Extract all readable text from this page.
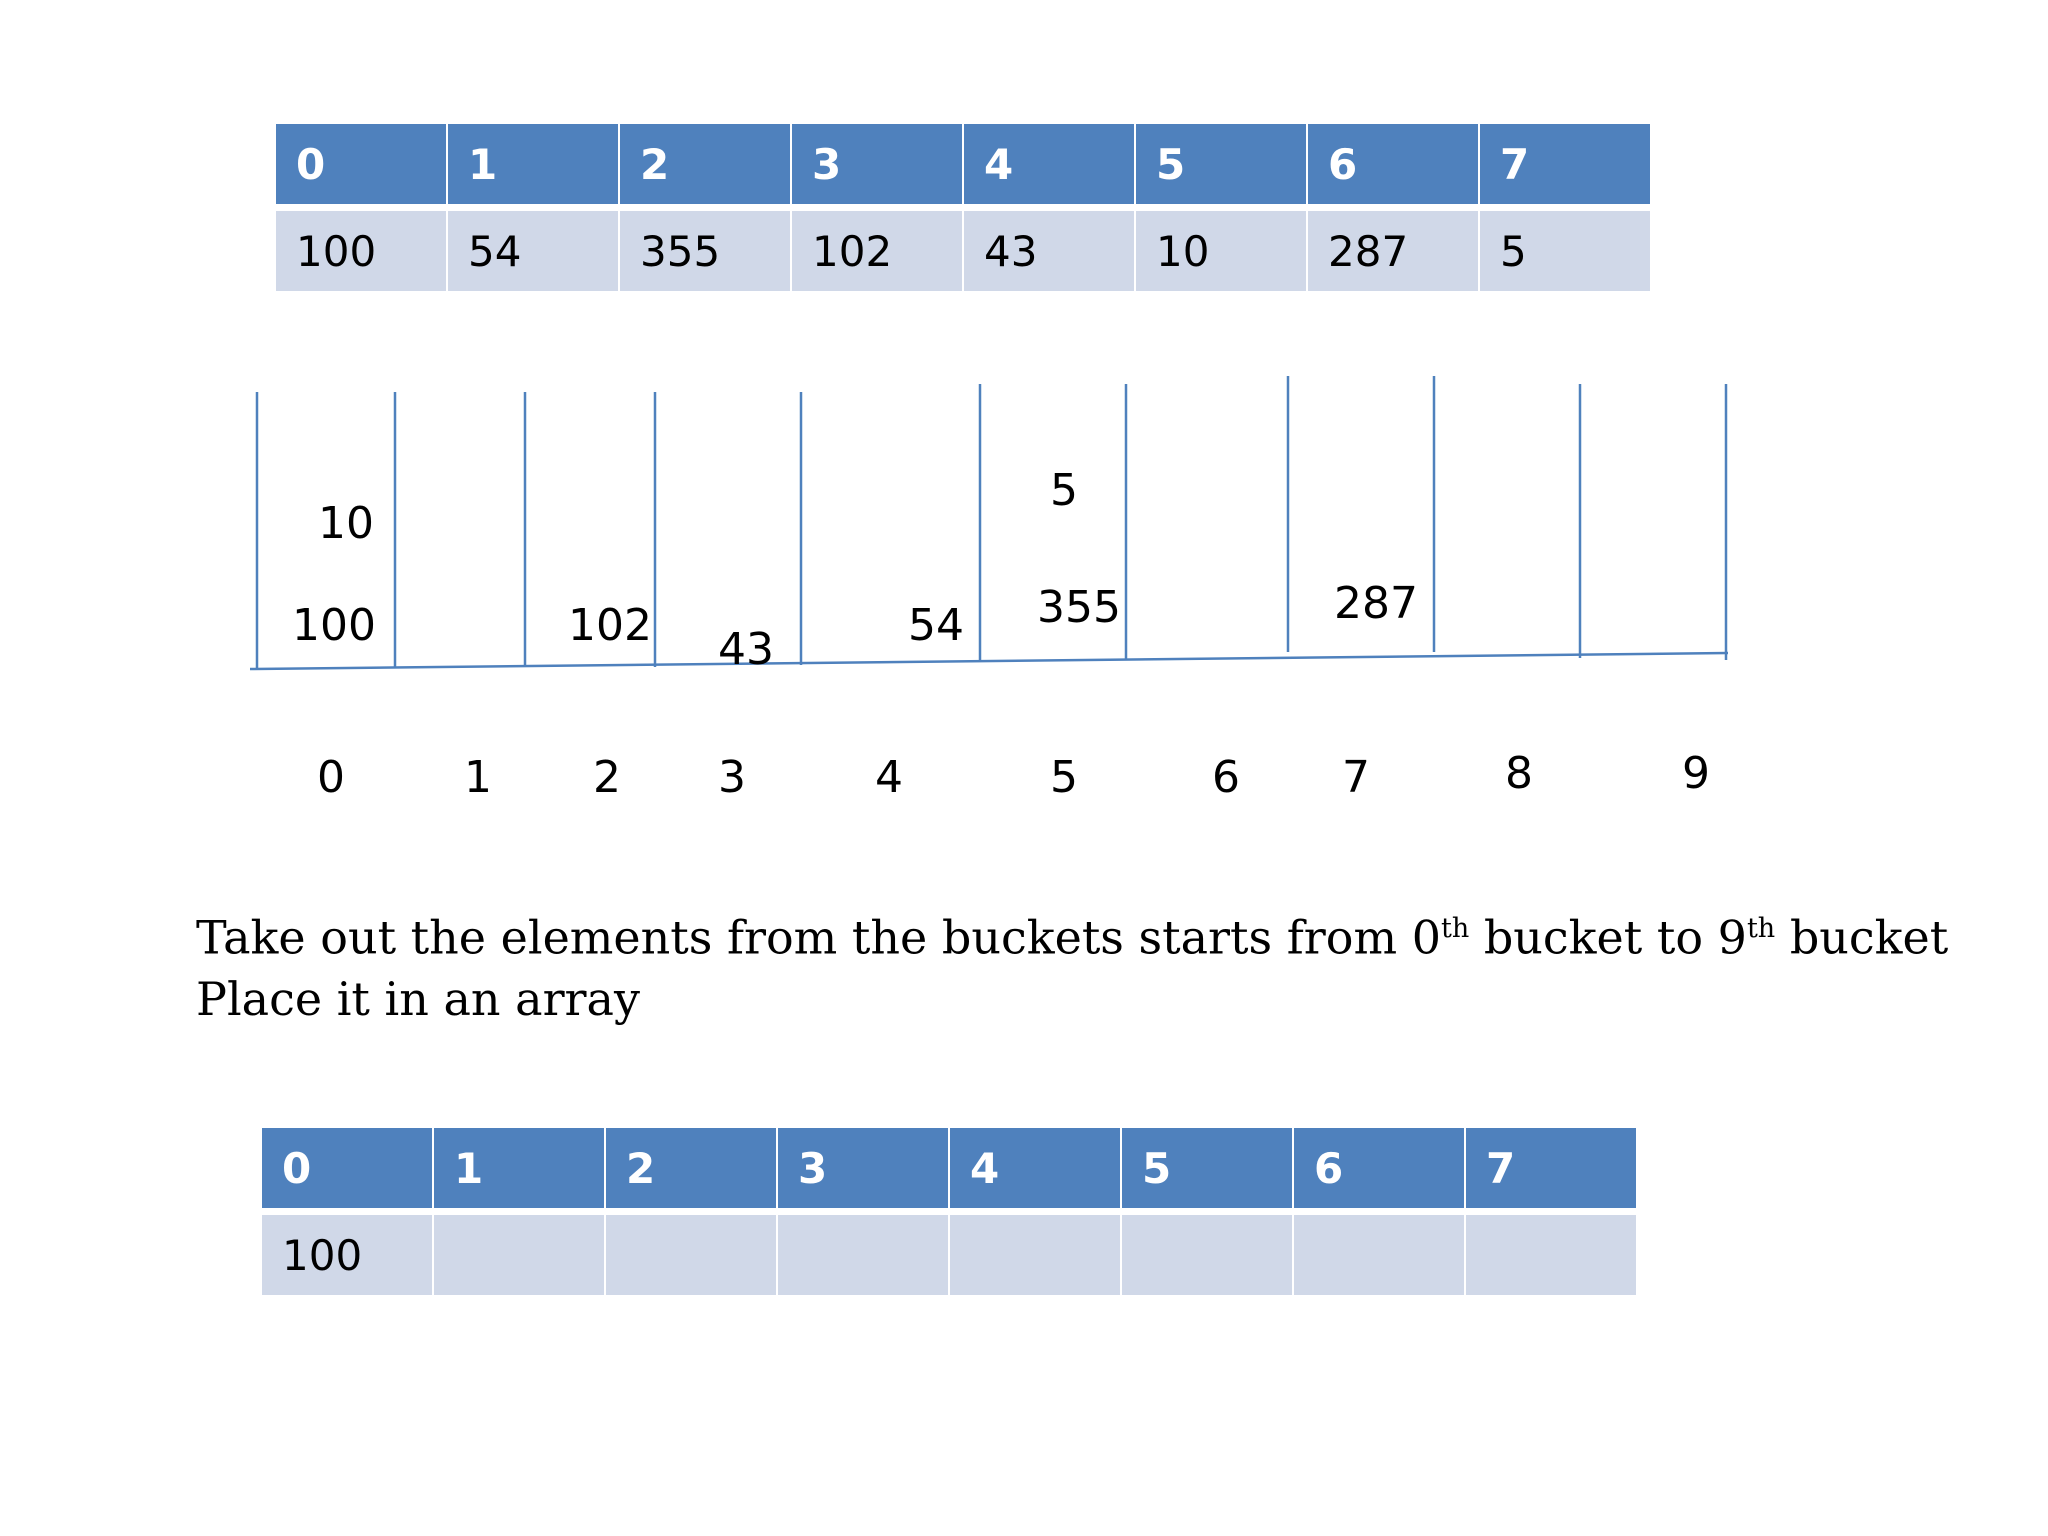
0	1	2	3	4	5	6	7
100	54	355	102	43	10	287	5
10
100	102 43	54
5
355	287
0	1 2 3	4	5	6 7	8	9
Take out the elements from the buckets starts from 0th bucket to 9th bucket
Place it in an array
0	1	2	3	4	5	6	7
100
